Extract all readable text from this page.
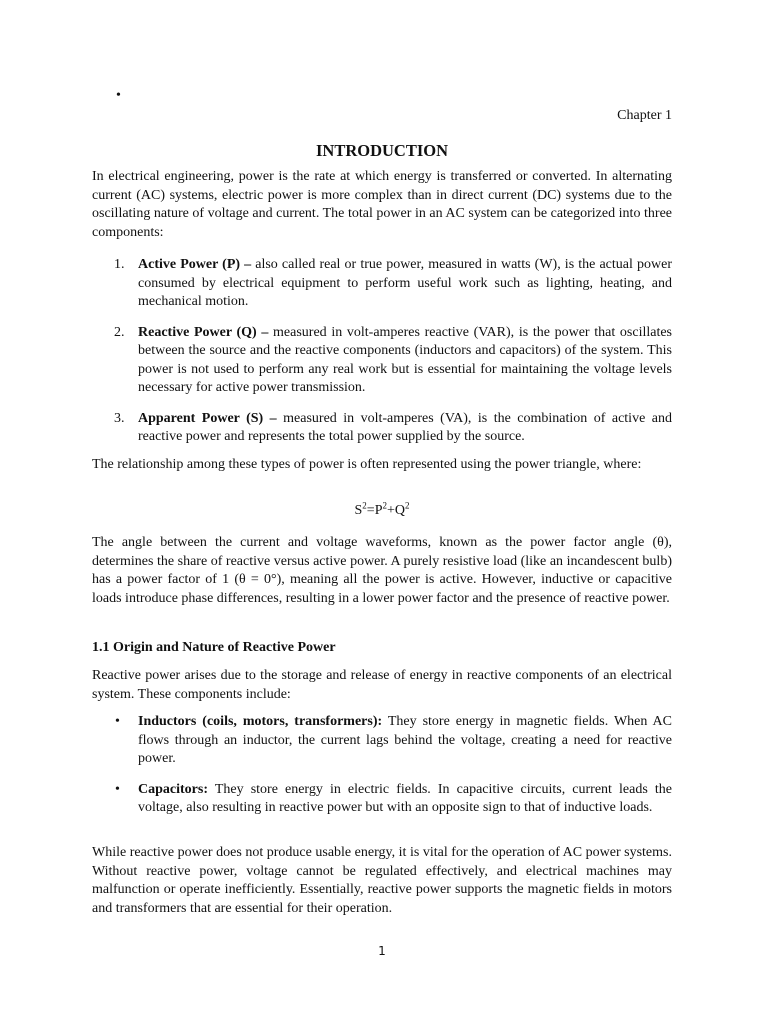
•
Chapter 1
INTRODUCTION

In electrical engineering, power is the rate at which energy is transferred or converted. In alternating current (AC) systems, electric power is more complex than in direct current (DC) systems due to the oscillating nature of voltage and current. The total power in an AC system can be categorized into three components:

1. Active Power (P) – also called real or true power, measured in watts (W), is the actual power consumed by electrical equipment to perform useful work such as lighting, heating, and mechanical motion.

2. Reactive Power (Q) – measured in volt-amperes reactive (VAR), is the power that oscillates between the source and the reactive components (inductors and capacitors) of the system. This power is not used to perform any real work but is essential for maintaining the voltage levels necessary for active power transmission.

3. Apparent Power (S) – measured in volt-amperes (VA), is the combination of active and reactive power and represents the total power supplied by the source.

The relationship among these types of power is often represented using the power triangle, where:

$S^2=P^2+Q^2$

The angle between the current and voltage waveforms, known as the power factor angle (θ), determines the share of reactive versus active power. A purely resistive load (like an incandescent bulb) has a power factor of 1 (θ = 0°), meaning all the power is active. However, inductive or capacitive loads introduce phase differences, resulting in a lower power factor and the presence of reactive power.

1.1 Origin and Nature of Reactive Power

Reactive power arises due to the storage and release of energy in reactive components of an electrical system. These components include:

• Inductors (coils, motors, transformers): They store energy in magnetic fields. When AC flows through an inductor, the current lags behind the voltage, creating a need for reactive power.

• Capacitors: They store energy in electric fields. In capacitive circuits, current leads the voltage, also resulting in reactive power but with an opposite sign to that of inductive loads.

While reactive power does not produce usable energy, it is vital for the operation of AC power systems. Without reactive power, voltage cannot be regulated effectively, and electrical machines may malfunction or operate inefficiently. Essentially, reactive power supports the magnetic fields in motors and transformers that are essential for their operation.

1
